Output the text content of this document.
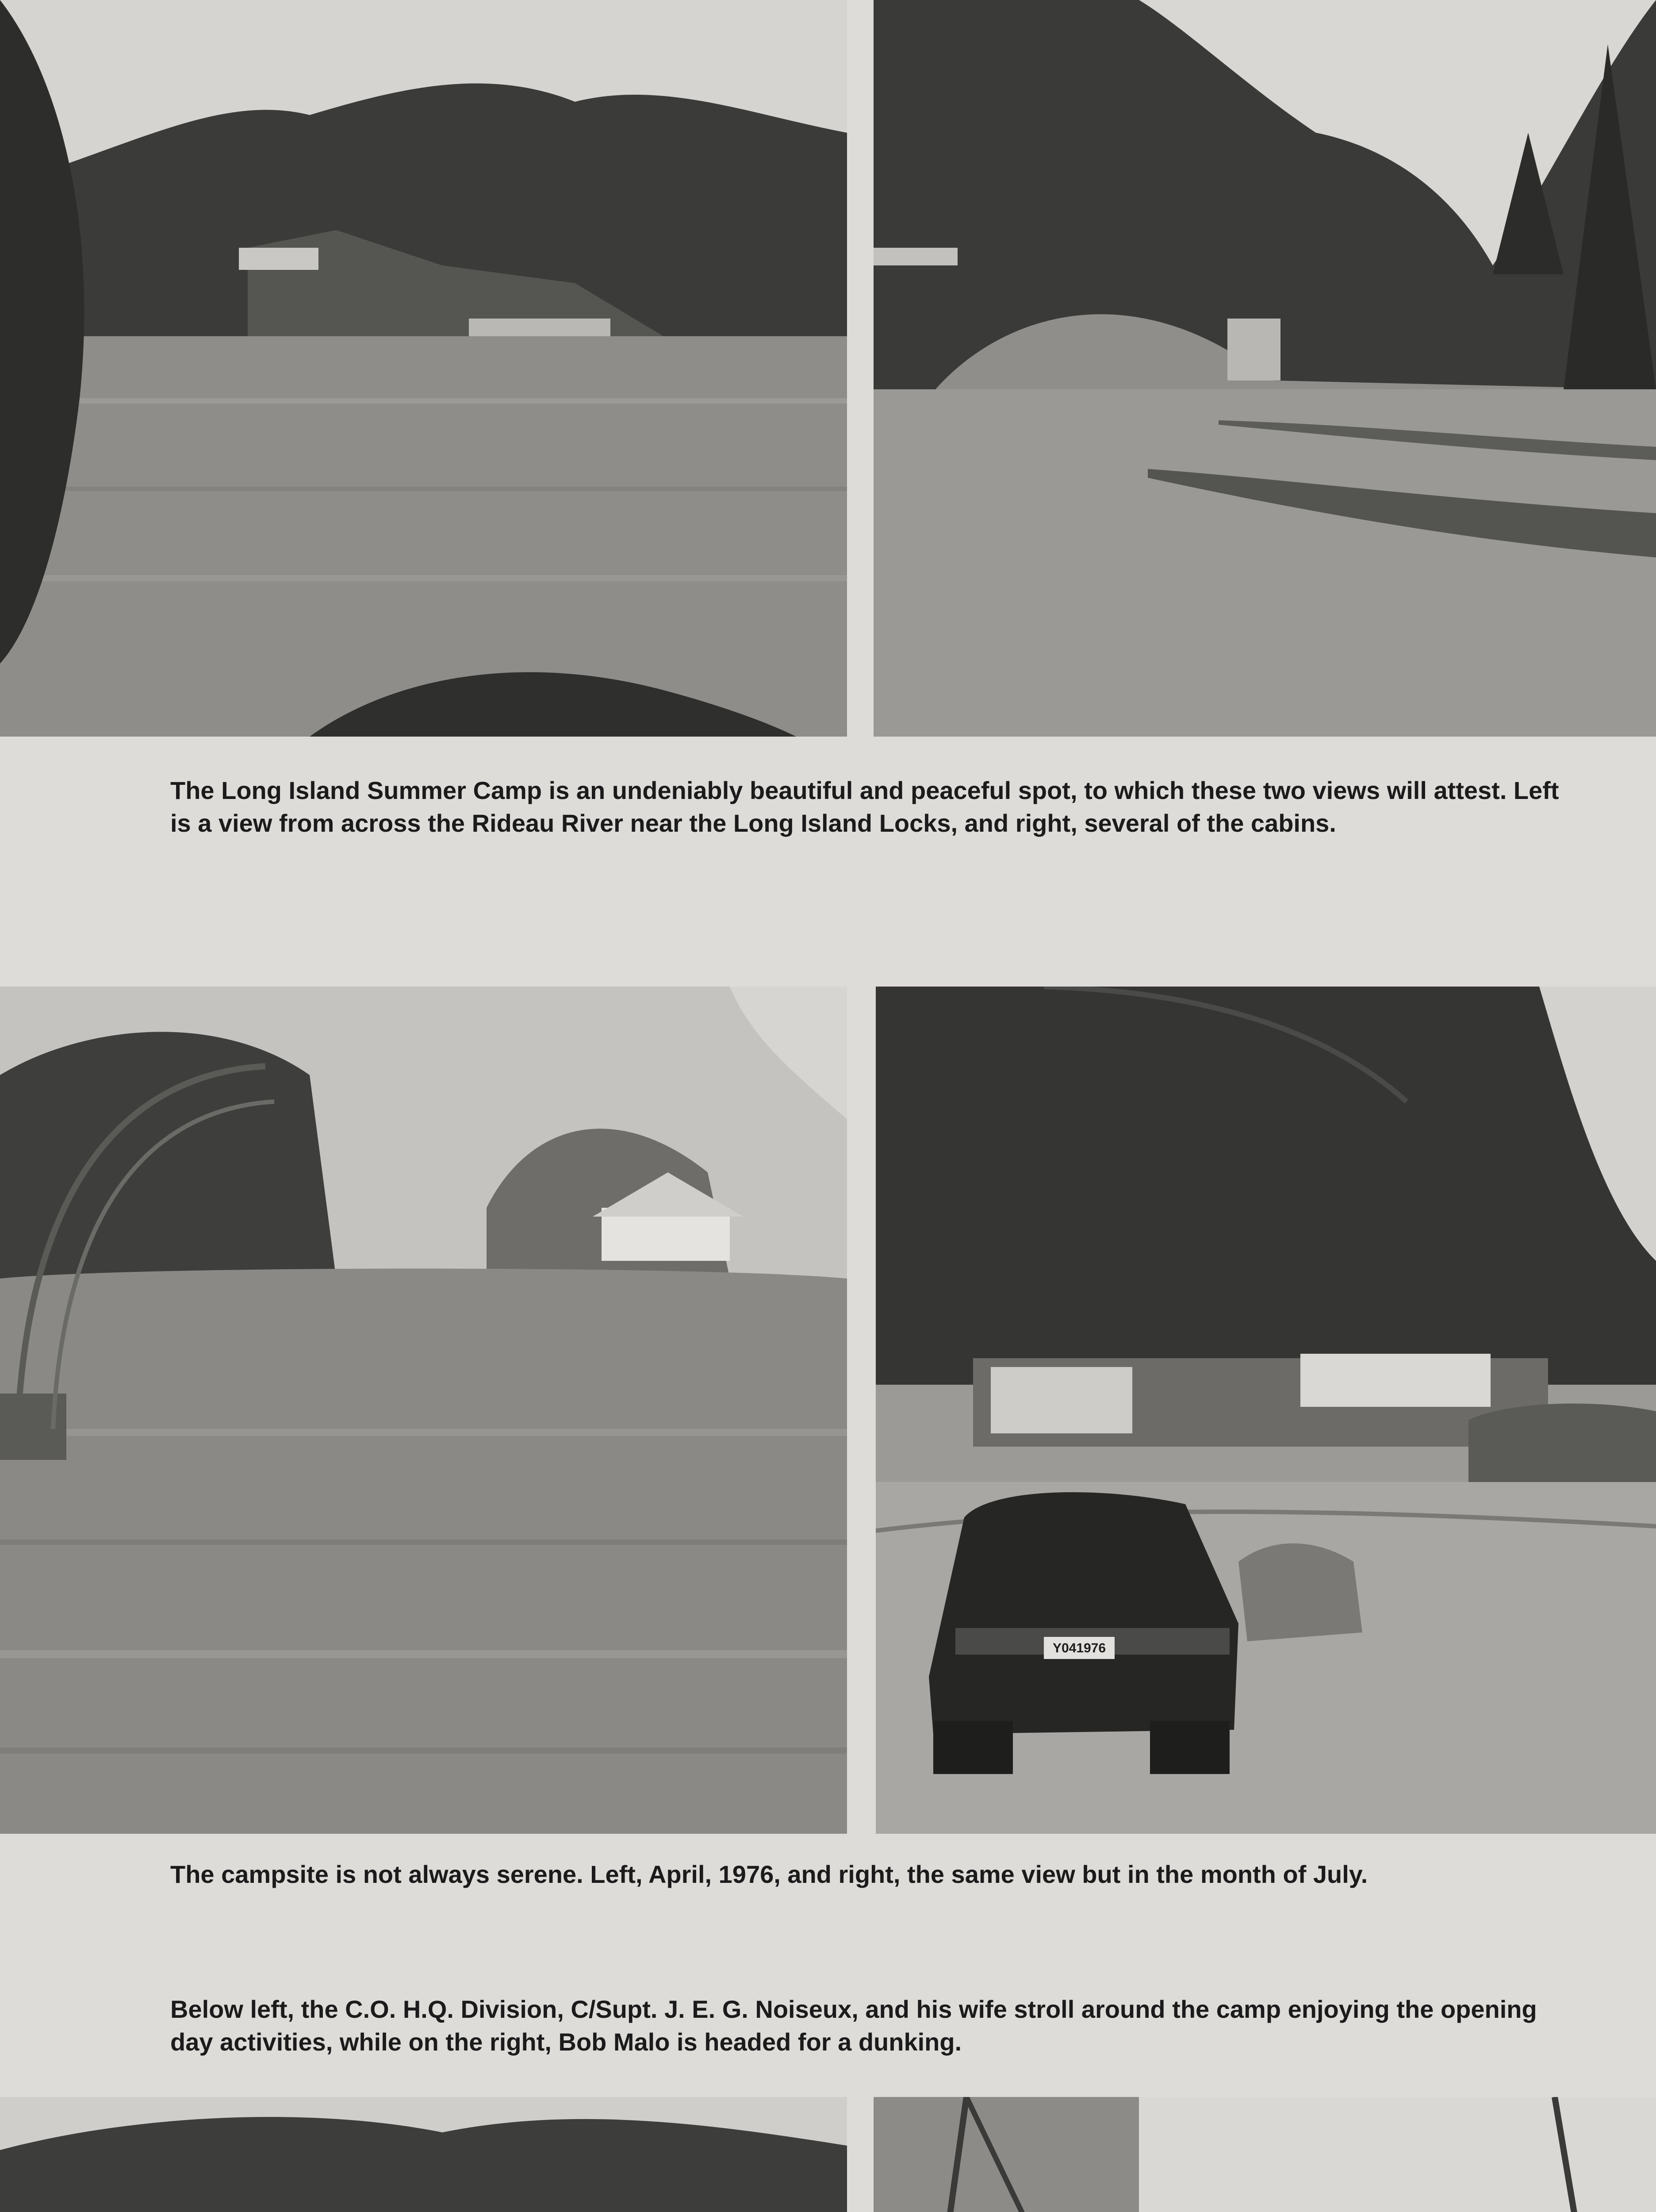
The Long Island Summer Camp is an undeniably beautiful and peaceful spot, to which these two views will attest. Left is a view from across the Rideau River near the Long Island Locks, and right, several of the cabins.

Y041976

The campsite is not always serene. Left, April, 1976, and right, the same view but in the month of July.

Below left, the C.O. H.Q. Division, C/Supt. J. E. G. Noiseux, and his wife stroll around the camp enjoying the opening day activities, while on the right, Bob Malo is headed for a dunking.
